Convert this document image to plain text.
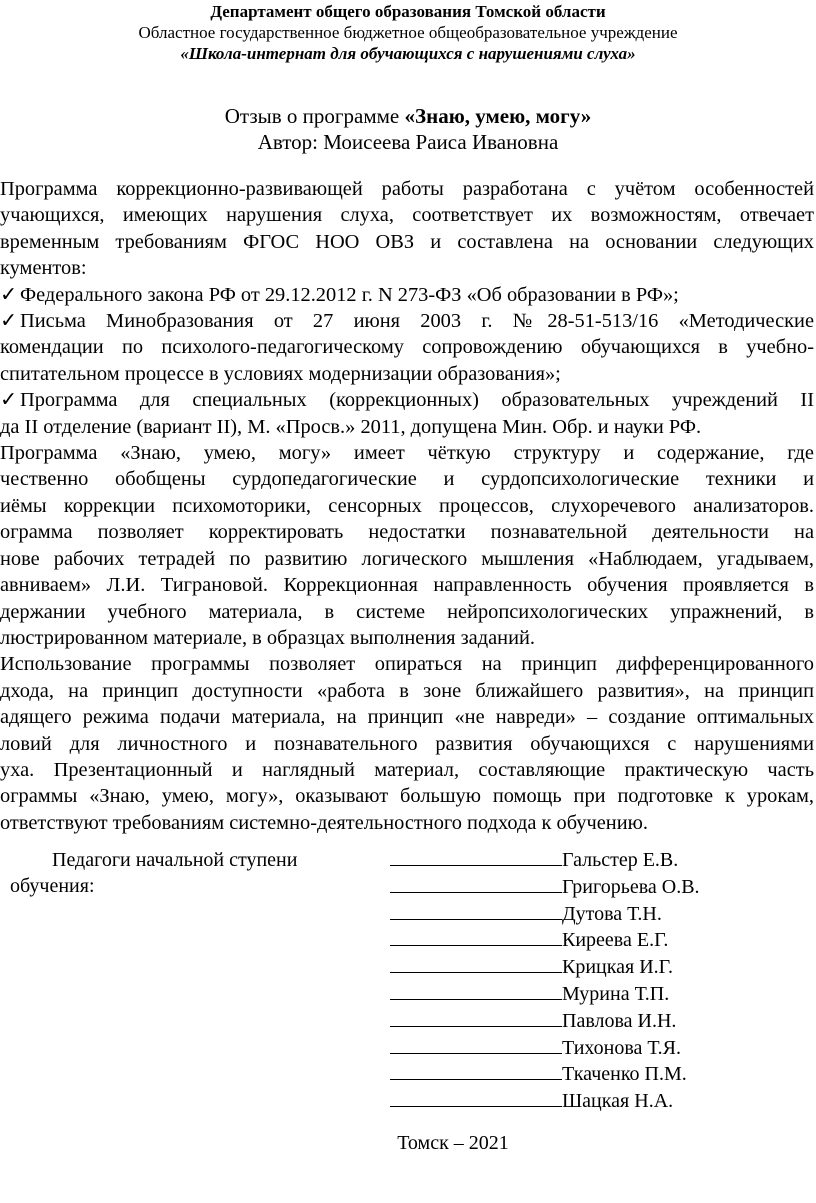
Департамент общего образования Томской области
Областное государственное бюджетное общеобразовательное учреждение
«Школа-интернат для обучающихся с нарушениями слуха»
Отзыв о программе «Знаю, умею, могу»
Автор: Моисеева Раиса Ивановна

Программа коррекционно-развивающей работы разработана с учётом особенностей

учающихся, имеющих нарушения слуха, соответствует их возможностям, отвечает

временным требованиям ФГОС НОО ОВЗ и составлена на основании следующих

кументов:

✓ Федерального закона РФ от 29.12.2012 г. N 273-ФЗ «Об образовании в РФ»;

✓ Письма Минобразования от 27 июня 2003 г. №28-51-513/16 «Методические

комендации по психолого-педагогическому сопровождению обучающихся в учебно-

спитательном процессе в условиях модернизации образования»;

✓ Программа для специальных (коррекционных) образовательных учреждений II

да II отделение (вариант II), М. «Просв.» 2011, допущена Мин. Обр. и науки РФ.

Программа «Знаю, умею, могу» имеет чёткую структуру и содержание, где

чественно обобщены сурдопедагогические и сурдопсихологические техники и

иёмы коррекции психомоторики, сенсорных процессов, слухоречевого анализаторов.

ограмма позволяет корректировать недостатки познавательной деятельности на

нове рабочих тетрадей по развитию логического мышления «Наблюдаем, угадываем,

авниваем» Л.И. Тиграновой. Коррекционная направленность обучения проявляется в

держании учебного материала, в системе нейропсихологических упражнений, в

люстрированном материале, в образцах выполнения заданий.

Использование программы позволяет опираться на принцип дифференцированного

дхода, на принцип доступности «работа в зоне ближайшего развития», на принцип

адящего режима подачи материала, на принцип «не навреди» – создание оптимальных

ловий для личностного и познавательного развития обучающихся с нарушениями

уха. Презентационный и наглядный материал, составляющие практическую часть

ограммы «Знаю, умею, могу», оказывают большую помощь при подготовке к урокам,

ответствуют требованиям системно-деятельностного подхода к обучению.

Педагоги начальной ступени
обучения:
Гальстер Е.В.
Григорьева О.В.
Дутова Т.Н.
Киреева Е.Г.
Крицкая И.Г.
Мурина Т.П.
Павлова И.Н.
Тихонова Т.Я.
Ткаченко П.М.
Шацкая Н.А.
Томск – 2021
